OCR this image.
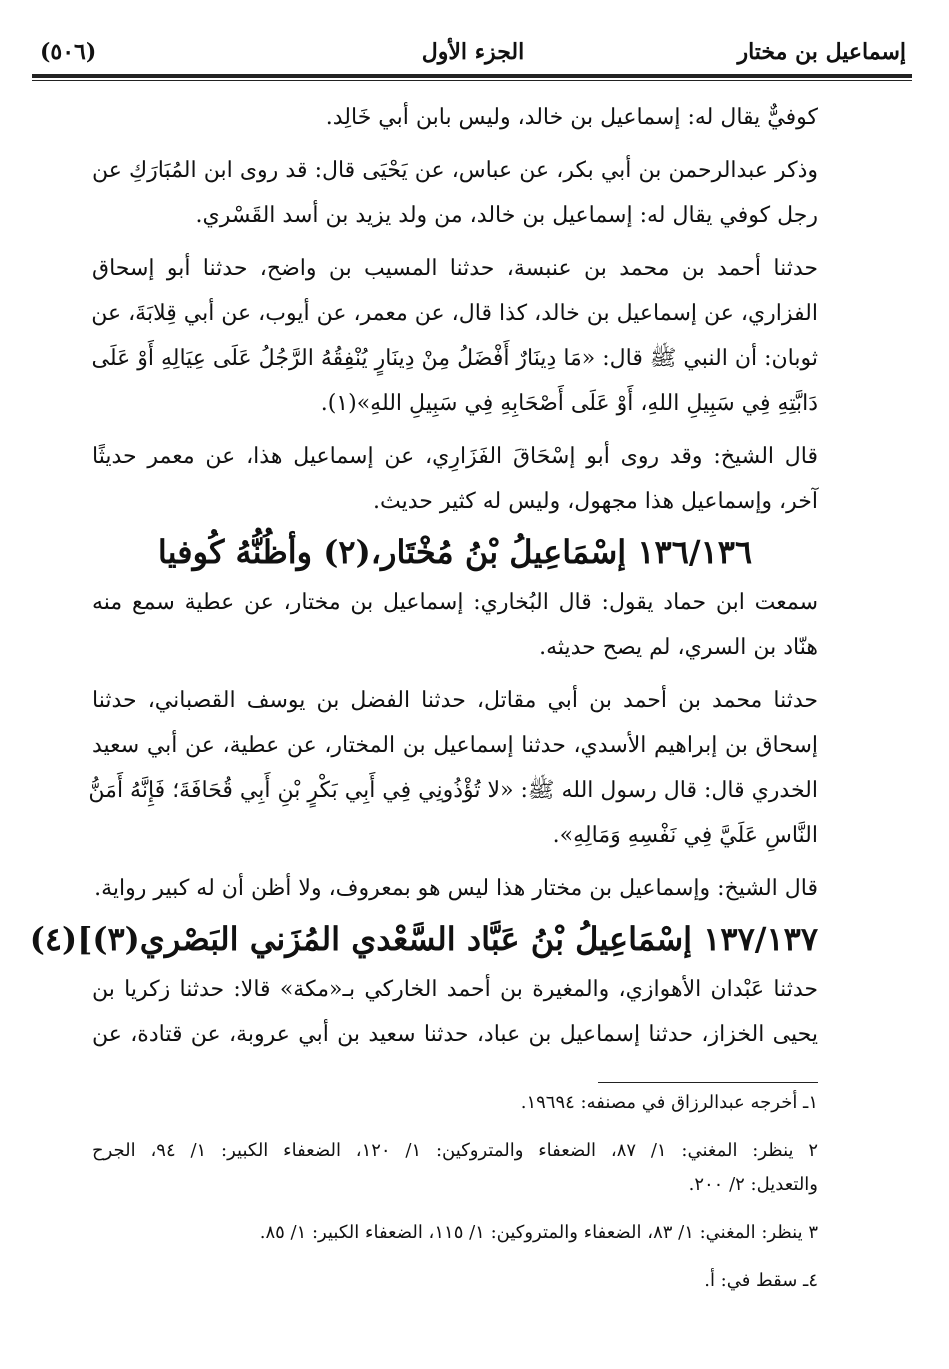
(٥٠٦)	الجزء الأول	إسماعيل بن مختار
كوفيٌّ يقال له: إسماعيل بن خالد، وليس بابن أبي خَالِد.
وذكر عبدالرحمن بن أبي بكر، عن عباس، عن يَحْيَى قال: قد روى ابن المُبَارَكِ عن
رجل كوفي يقال له: إسماعيل بن خالد، من ولد يزيد بن أسد القَسْري.
حدثنا أحمد بن محمد بن عنبسة، حدثنا المسيب بن واضح، حدثنا أبو إسحاق
الفزاري، عن إسماعيل بن خالد، كذا قال، عن معمر، عن أيوب، عن أبي قِلابَةَ، عن
ثوبان: أن النبي ﷺ قال: «مَا دِينَارٌ أَفْضَلُ مِنْ دِينَارٍ يُنْفِقُهُ الرَّجُلُ عَلَى عِيَالِهِ أَوْ عَلَى
دَابَّتِهِ فِي سَبِيلِ اللهِ، أَوْ عَلَى أَصْحَابِهِ فِي سَبِيلِ اللهِ»(١).
قال الشيخ: وقد روى أبو إسْحَاقَ الفَزَارِي، عن إسماعيل هذا، عن معمر حديثًا
آخر، وإسماعيل هذا مجهول، وليس له كثير حديث.
١٣٦/١٣٦ إسْمَاعِيلُ بْنُ مُخْتَار،(٢) وأظُنُّهُ كُوفيا
سمعت ابن حماد يقول: قال البُخاري: إسماعيل بن مختار، عن عطية سمع منه
هنّاد بن السري، لم يصح حديثه.
حدثنا محمد بن أحمد بن أبي مقاتل، حدثنا الفضل بن يوسف القصباني، حدثنا
إسحاق بن إبراهيم الأسدي، حدثنا إسماعيل بن المختار، عن عطية، عن أبي سعيد
الخدري قال: قال رسول الله ﷺ: «لا تُؤْذُونِي فِي أَبِي بَكْرٍ بْنِ أَبِي قُحَافَةَ؛ فَإِنَّهُ أَمَنُّ
النَّاسِ عَلَيَّ فِي نَفْسِهِ وَمَالِهِ».
قال الشيخ: وإسماعيل بن مختار هذا ليس هو بمعروف، ولا أظن أن له كبير رواية.
١٣٧/١٣٧ إسْمَاعِيلُ بْنُ عَبَّاد السَّعْدي المُزَني البَصْري(٣)](٤)
حدثنا عَبْدان الأهوازي، والمغيرة بن أحمد الخاركي بـ«مكة» قالا: حدثنا زكريا بن
يحيى الخزاز، حدثنا إسماعيل بن عباد، حدثنا سعيد بن أبي عروبة، عن قتادة، عن
١ـ أخرجه عبدالرزاق في مصنفه: ١٩٦٩٤.
٢ ينظر: المغني: ١/ ٨٧، الضعفاء والمتروكين: ١/ ١٢٠، الضعفاء الكبير: ١/ ٩٤، الجرح
والتعديل: ٢/ ٢٠٠.
٣ ينظر: المغني: ١/ ٨٣، الضعفاء والمتروكين: ١/ ١١٥، الضعفاء الكبير: ١/ ٨٥.
٤ـ سقط في: أ.
